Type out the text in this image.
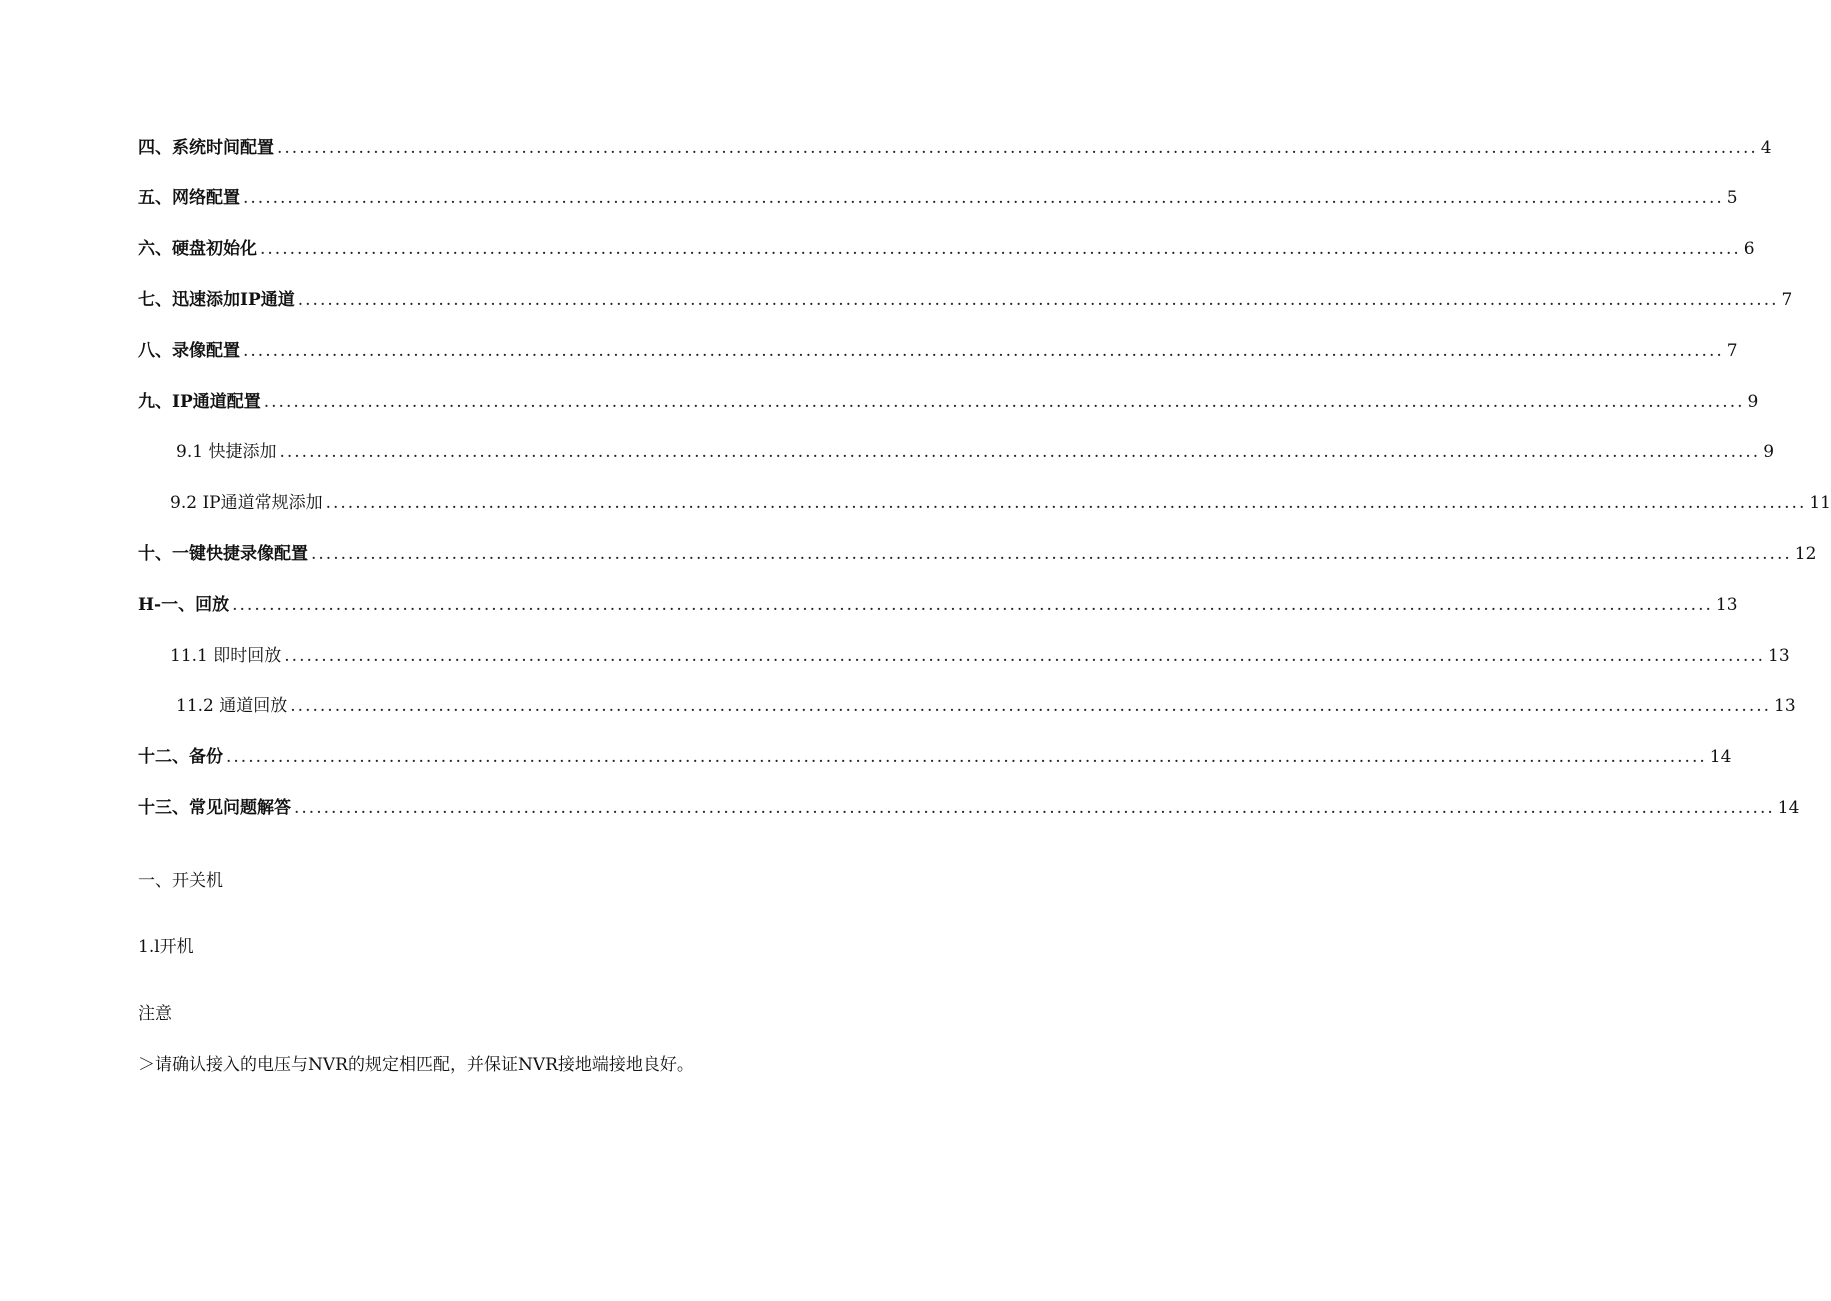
四、系统时间配置 ........................................................................................................................................................................................................ 4
五、网络配置 ........................................................................................................................................................................................................ 5
六、硬盘初始化 ........................................................................................................................................................................................................ 6
七、迅速添加IP通道 ........................................................................................................................................................................................................ 7
八、录像配置 ........................................................................................................................................................................................................ 7
九、IP通道配置 ........................................................................................................................................................................................................ 9
9.1 快捷添加 ........................................................................................................................................................................................................ 9
9.2 IP通道常规添加 ........................................................................................................................................................................................................ 11
十、一键快捷录像配置 ........................................................................................................................................................................................................ 12
H-一、回放 ........................................................................................................................................................................................................ 13
11.1 即时回放 ........................................................................................................................................................................................................ 13
11.2 通道回放 ........................................................................................................................................................................................................ 13
十二、备份 ........................................................................................................................................................................................................ 14
十三、常见问题解答 ........................................................................................................................................................................................................ 14
一、开关机
1.l开机
注意
＞请确认接入的电压与NVR的规定相匹配，并保证NVR接地端接地良好。
